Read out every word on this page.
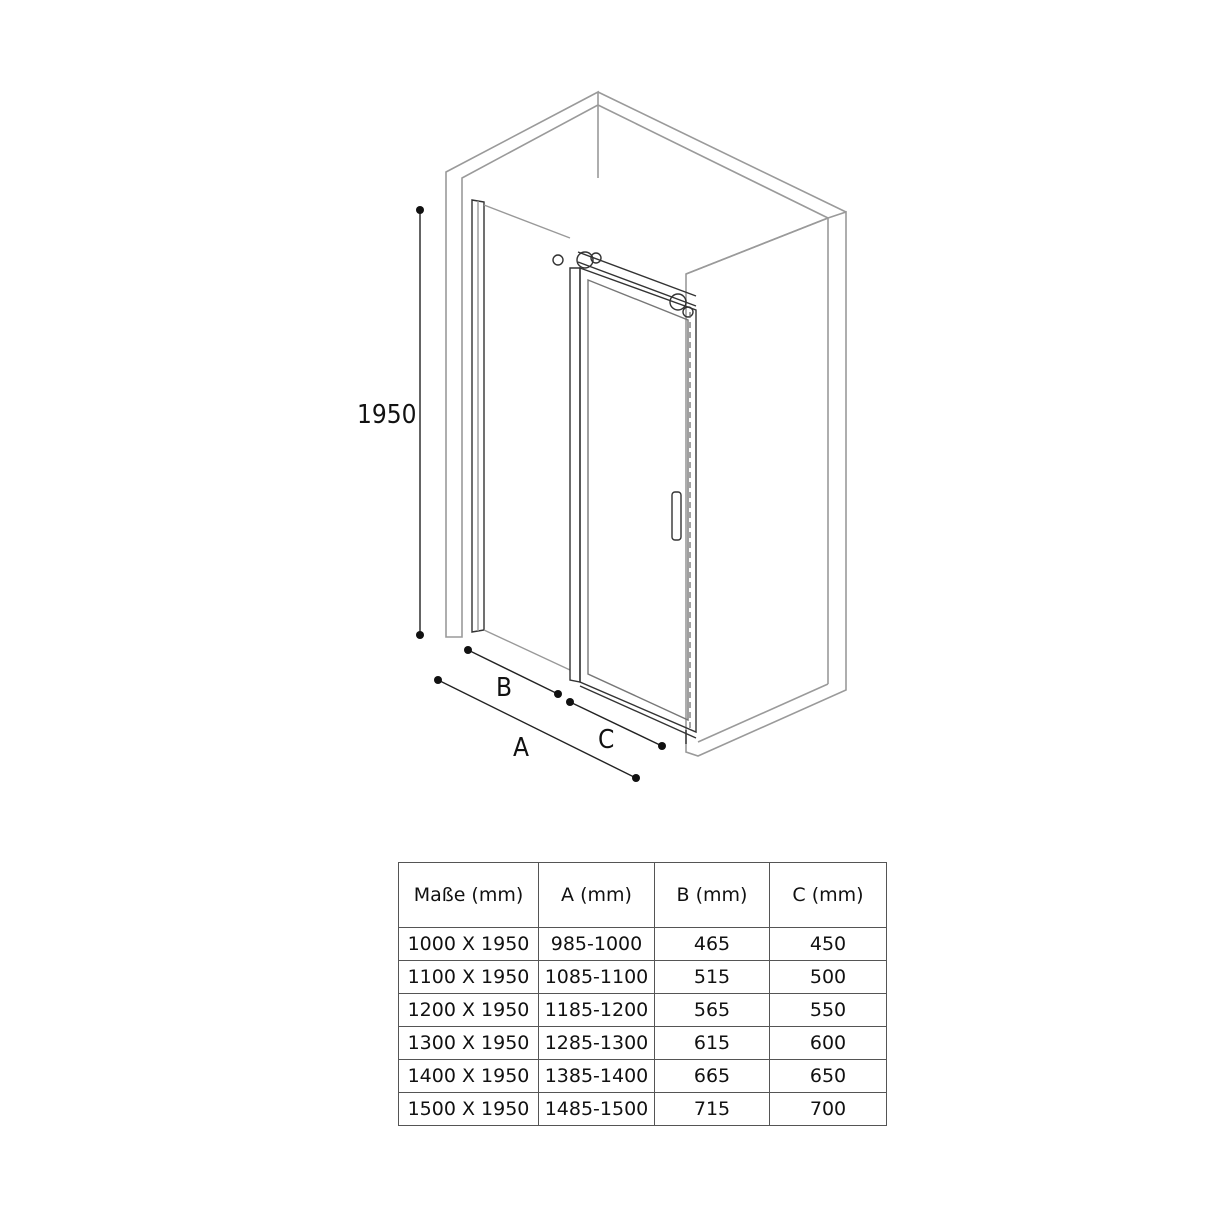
1950
B
C
A
Maße (mm)	A (mm)	B (mm)	C (mm)
1000 X 1950	985-1000	465	450
1100 X 1950	1085-1100	515	500
1200 X 1950	1185-1200	565	550
1300 X 1950	1285-1300	615	600
1400 X 1950	1385-1400	665	650
1500 X 1950	1485-1500	715	700
